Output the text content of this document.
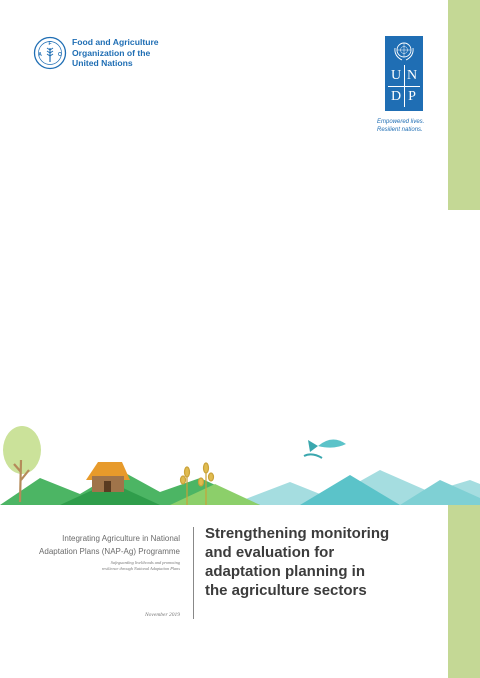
F
A	O
Food and Agriculture
Organization of the
United Nations
U N
D P
Empowered lives.
Resilient nations.
Integrating Agriculture in National
Adaptation Plans (NAP-Ag) Programme
Safeguarding livelihoods and promoting
resilience through National Adaptation Plans
November 2019
Strengthening monitoring
and evaluation for
adaptation planning in
the agriculture sectors
